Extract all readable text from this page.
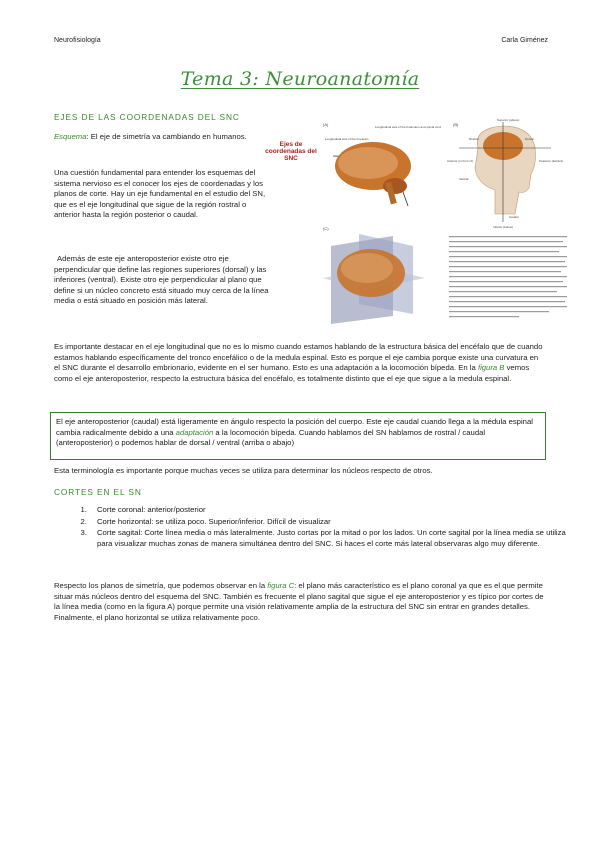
Neurofisiología	Carla Giménez
Tema 3: Neuroanatomía
EJES DE LAS COORDENADAS DEL SNC
Esquema: El eje de simetría va cambiando en humanos.
Una cuestión fundamental para entender los esquemas del sistema nervioso es el conocer los ejes de coordenadas y los planos de corte. Hay un eje fundamental en el estudio del SN, que es el eje longitudinal que sigue de la región rostral o anterior hasta la región posterior o caudal.
Además de este eje anteroposterior existe otro eje perpendicular que define las regiones superiores (dorsal) y las inferiores (ventral). Existe otro eje perpendicular al plano que define si un núcleo concreto está situado muy cerca de la línea media o está situado en posición más lateral.
Ejes de coordenadas del SNC
(A)
Longitudinal axis of the forebrain
Longitudinal axis of the brainstem and spinal cord	(B)
Superior (above)
Anterior (in front of)	Posterior (behind)
Rostral
Caudal
Dorsal
Ventral
Inferior (below)
(C)
Es importante destacar en el eje longitudinal que no es lo mismo cuando estamos hablando de la estructura básica del encéfalo que de cuando estamos hablando específicamente del tronco encefálico o de la medula espinal. Esto es porque el eje cambia porque existe una curvatura en el SNC durante el desarrollo embrionario, evidente en el ser humano. Esto es una adaptación a la locomoción bípeda. En la figura B vemos como el eje anteroposterior, respecto la estructura básica del encéfalo, es totalmente distinto que el eje que sigue a la medula espinal.
El eje anteroposterior (caudal) está ligeramente en ángulo respecto la posición del cuerpo. Este eje caudal cuando llega a la médula espinal cambia radicalmente debido a una adaptación a la locomoción bípeda. Cuando hablamos del SN hablamos de rostral / caudal (anteroposterior) o podemos hablar de dorsal / ventral (arriba o abajo)
Esta terminología es importante porque muchas veces se utiliza para determinar los núcleos respecto de otros.
CORTES EN EL SN
1. Corte coronal: anterior/posterior
2. Corte horizontal: se utiliza poco. Superior/inferior. Difícil de visualizar
3. Corte sagital: Corte línea media o más lateralmente. Justo cortas por la mitad o por los lados. Un corte sagital por la línea media se utiliza para visualizar muchas zonas de manera simultánea dentro del SNC. Si haces el corte más lateral observaras algo muy diferente.
Respecto los planos de simetría, que podemos observar en la figura C: el plano más característico es el plano coronal ya que es el que permite situar más núcleos dentro del esquema del SNC. También es frecuente el plano sagital que sigue el eje anteroposterior y es típico por cortes de la línea media (como en la figura A) porque permite una visión relativamente amplia de la estructura del SNC sin entrar en grandes detalles. Finalmente, el plano horizontal se utiliza relativamente poco.
